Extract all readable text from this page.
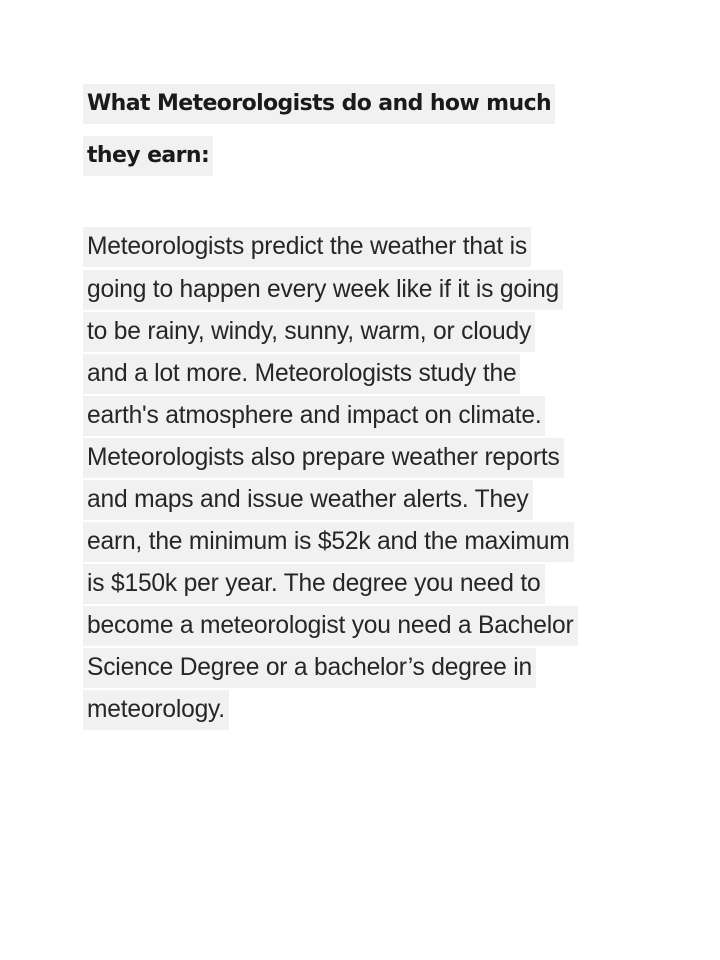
What Meteorologists do and how much
they earn:
Meteorologists predict the weather that is
going to happen every week like if it is going
to be rainy, windy, sunny, warm, or cloudy
and a lot more. Meteorologists study the
earth's atmosphere and impact on climate.
Meteorologists also prepare weather reports
and maps and issue weather alerts. They
earn, the minimum is $52k and the maximum
is $150k per year. The degree you need to
become a meteorologist you need a Bachelor
Science Degree or a bachelor’s degree in
meteorology.
